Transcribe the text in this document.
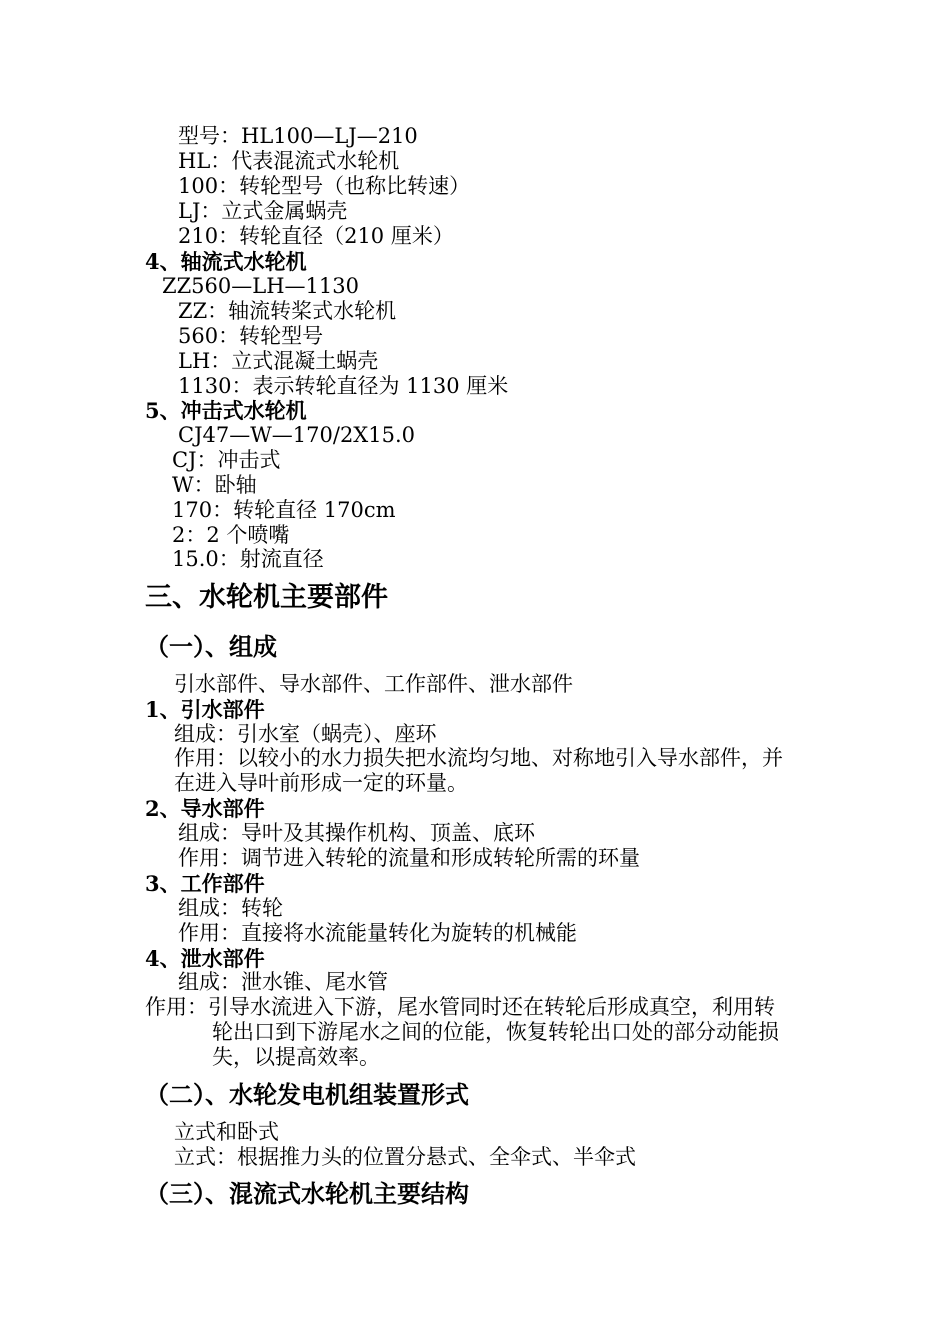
型号：HL100—LJ—210
HL：代表混流式水轮机
100：转轮型号（也称比转速）
LJ：立式金属蜗壳
210：转轮直径（210 厘米）
4、轴流式水轮机
ZZ560—LH—1130
ZZ：轴流转桨式水轮机
560：转轮型号
LH：立式混凝土蜗壳
1130：表示转轮直径为 1130 厘米
5、冲击式水轮机
CJ47—W—170/2X15.0
CJ：冲击式
W：卧轴
170：转轮直径 170cm
2：2 个喷嘴
15.0：射流直径
三、水轮机主要部件
（一）、组成
引水部件、导水部件、工作部件、泄水部件
1、引水部件
组成：引水室（蜗壳）、座环
作用：以较小的水力损失把水流均匀地、对称地引入导水部件，并
在进入导叶前形成一定的环量。
2、导水部件
组成：导叶及其操作机构、顶盖、底环
作用：调节进入转轮的流量和形成转轮所需的环量
3、工作部件
组成：转轮
作用：直接将水流能量转化为旋转的机械能
4、泄水部件
组成：泄水锥、尾水管
作用：引导水流进入下游，尾水管同时还在转轮后形成真空，利用转
轮出口到下游尾水之间的位能，恢复转轮出口处的部分动能损
失，以提高效率。
（二）、水轮发电机组装置形式
立式和卧式
立式：根据推力头的位置分悬式、全伞式、半伞式
（三）、混流式水轮机主要结构
